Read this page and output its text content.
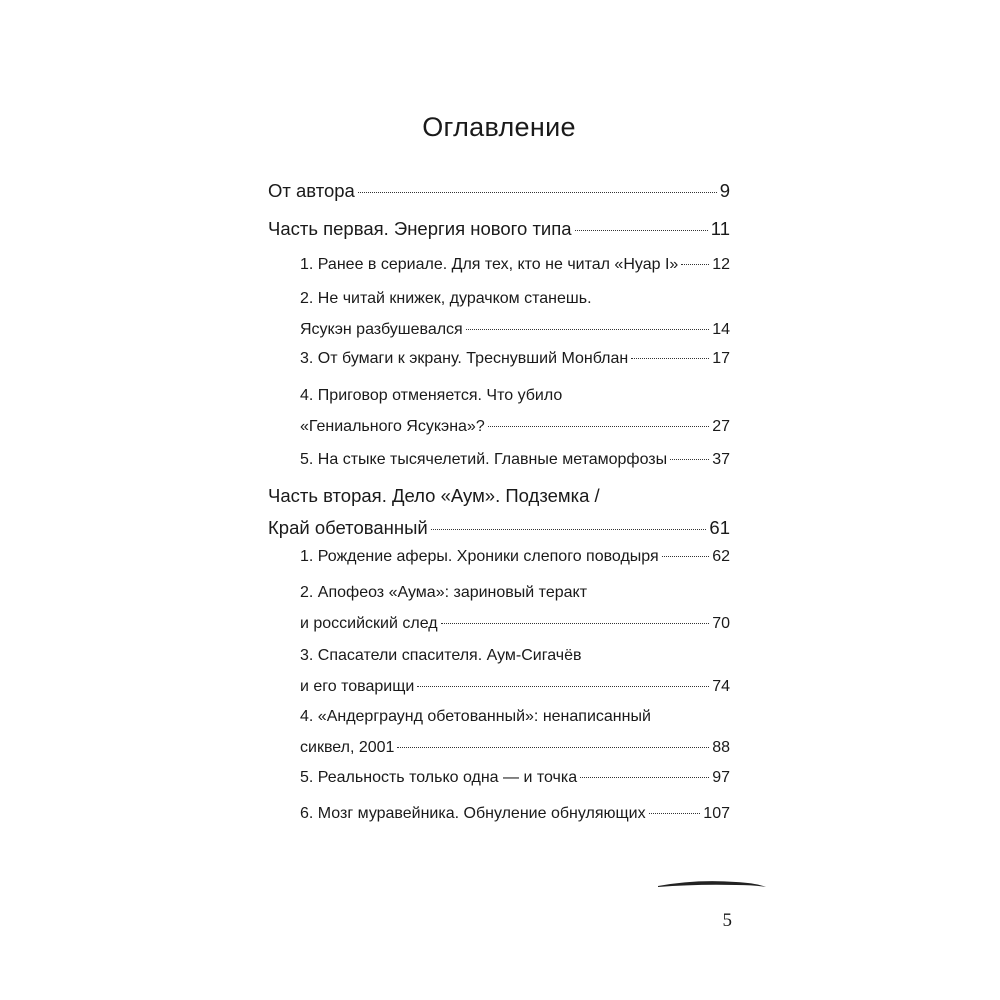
Оглавление
От автора	9
Часть первая. Энергия нового типа	11
1. Ранее в сериале. Для тех, кто не читал «Нуар I» 12
2. Не читай книжек, дурачком станешь.
Ясукэн разбушевался	14
3. От бумаги к экрану. Треснувший Монблан	17
4. Приговор отменяется. Что убило
«Гениального Ясукэна»?	27
5. На стыке тысячелетий. Главные метаморфозы	37
Часть вторая. Дело «Аум». Подземка /
Край обетованный	61
1. Рождение аферы. Хроники слепого поводыря	62
2. Апофеоз «Аума»: зариновый теракт
и российский след	70
3. Спасатели спасителя. Аум-Сигачёв
и его товарищи	74
4. «Андерграунд обетованный»: ненаписанный
сиквел, 2001	88
5. Реальность только одна — и точка	97
6. Мозг муравейника. Обнуление обнуляющих	107
5
